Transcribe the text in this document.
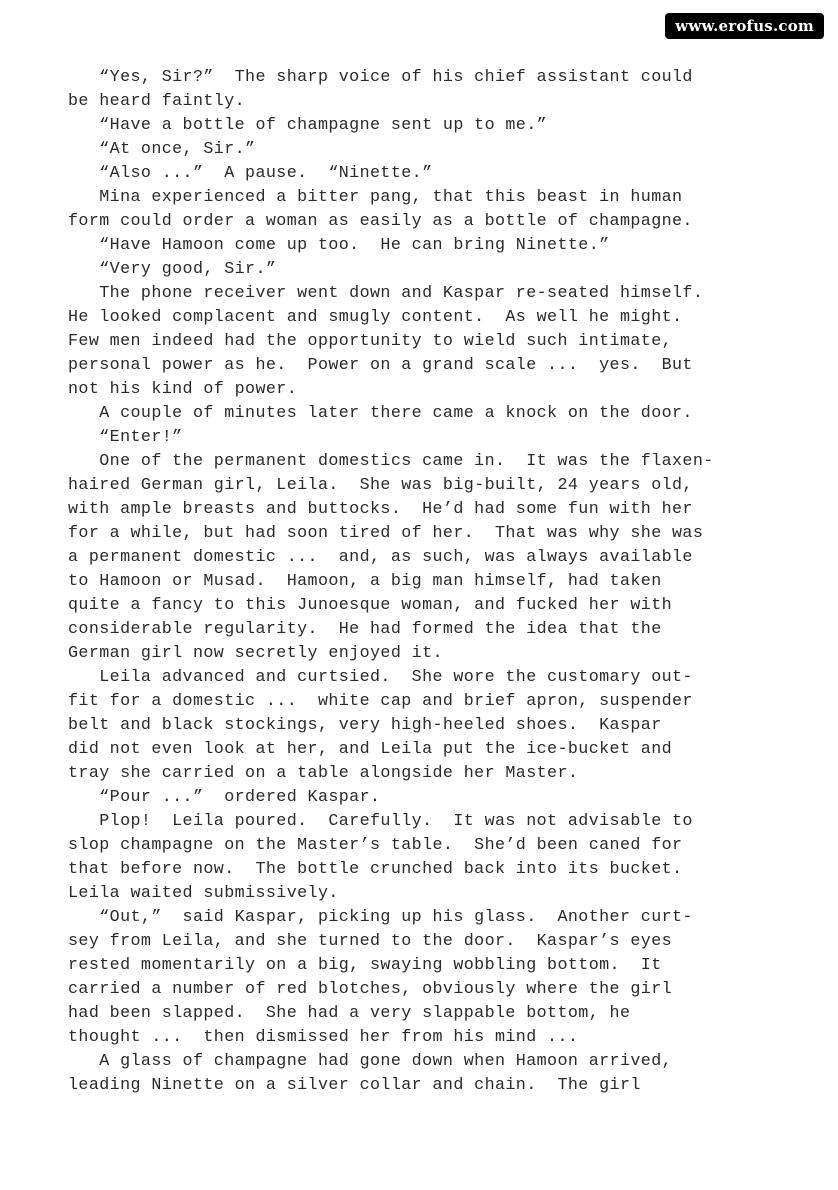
www.erofus.com
“Yes, Sir?”  The sharp voice of his chief assistant could
be heard faintly.
“Have a bottle of champagne sent up to me.”
“At once, Sir.”
“Also ...”  A pause.  “Ninette.”
Mina experienced a bitter pang, that this beast in human
form could order a woman as easily as a bottle of champagne.
“Have Hamoon come up too.  He can bring Ninette.”
“Very good, Sir.”
The phone receiver went down and Kaspar re-seated himself.
He looked complacent and smugly content.  As well he might.
Few men indeed had the opportunity to wield such intimate,
personal power as he.  Power on a grand scale ...  yes.  But
not his kind of power.
A couple of minutes later there came a knock on the door.
“Enter!”
One of the permanent domestics came in.  It was the flaxen-
haired German girl, Leila.  She was big-built, 24 years old,
with ample breasts and buttocks.  He’d had some fun with her
for a while, but had soon tired of her.  That was why she was
a permanent domestic ...  and, as such, was always available
to Hamoon or Musad.  Hamoon, a big man himself, had taken
quite a fancy to this Junoesque woman, and fucked her with
considerable regularity.  He had formed the idea that the
German girl now secretly enjoyed it.
Leila advanced and curtsied.  She wore the customary out-
fit for a domestic ...  white cap and brief apron, suspender
belt and black stockings, very high-heeled shoes.  Kaspar
did not even look at her, and Leila put the ice-bucket and
tray she carried on a table alongside her Master.
“Pour ...”  ordered Kaspar.
Plop!  Leila poured.  Carefully.  It was not advisable to
slop champagne on the Master’s table.  She’d been caned for
that before now.  The bottle crunched back into its bucket.
Leila waited submissively.
“Out,”  said Kaspar, picking up his glass.  Another curt-
sey from Leila, and she turned to the door.  Kaspar’s eyes
rested momentarily on a big, swaying wobbling bottom.  It
carried a number of red blotches, obviously where the girl
had been slapped.  She had a very slappable bottom, he
thought ...  then dismissed her from his mind ...
A glass of champagne had gone down when Hamoon arrived,
leading Ninette on a silver collar and chain.  The girl
